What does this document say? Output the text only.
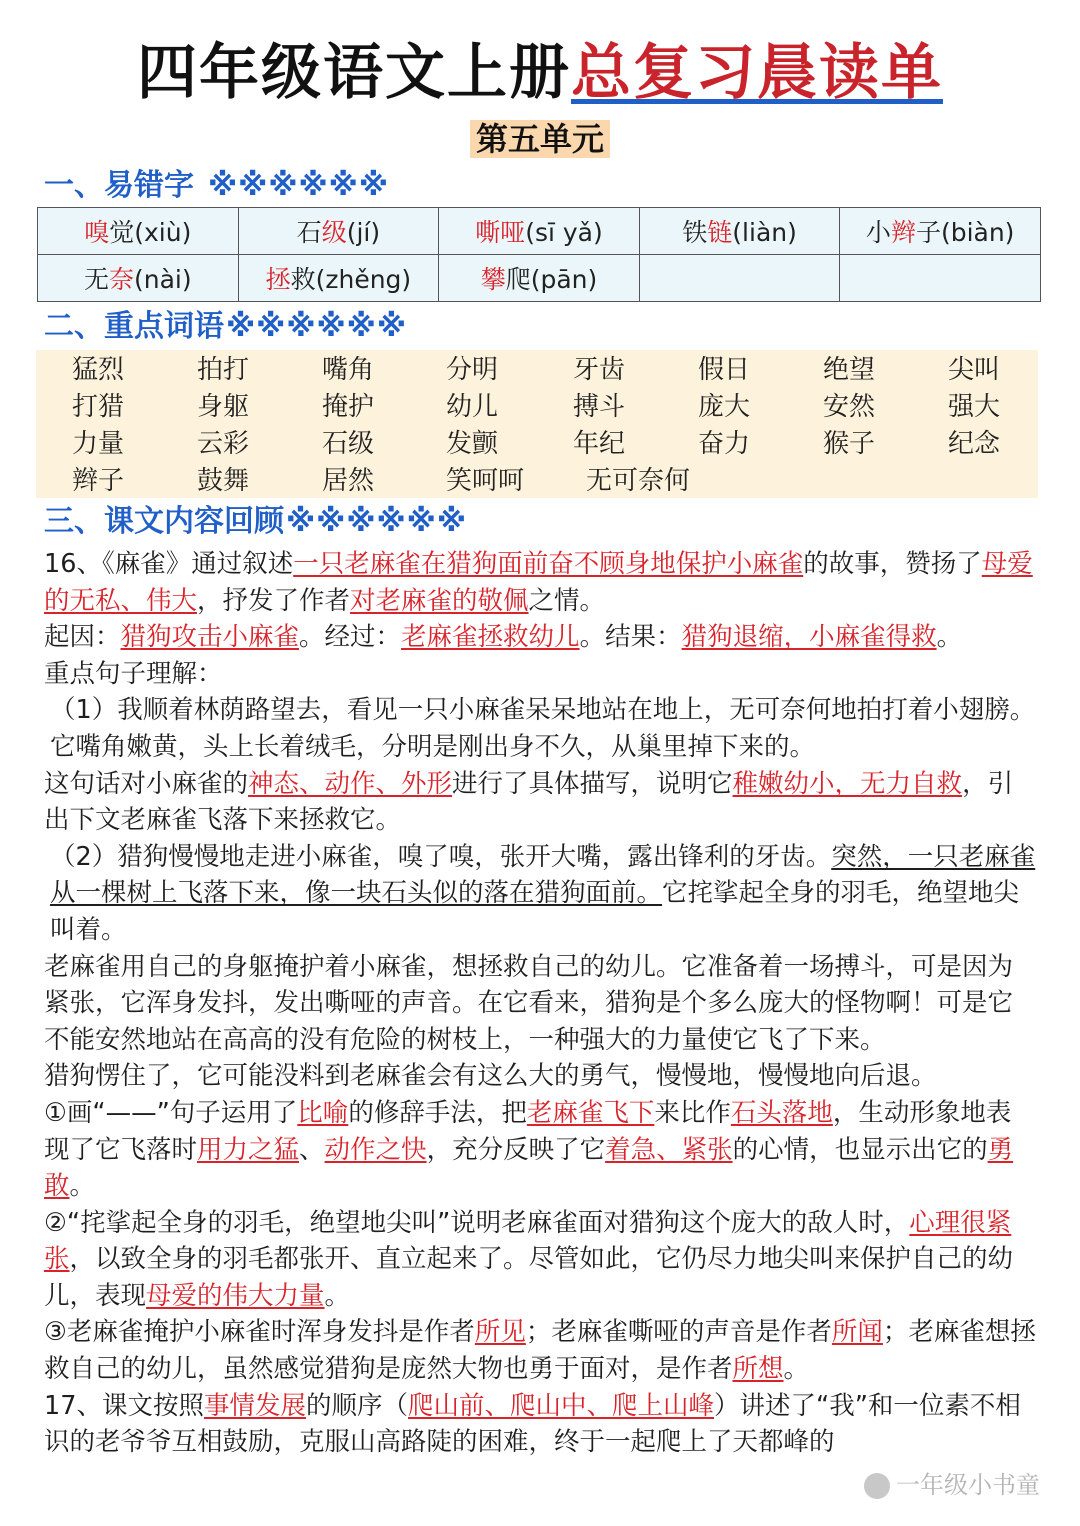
四年级语文上册总复习晨读单
第五单元
一、易错字 ※※※※※※
嗅觉(xiù)	石级(jí)	嘶哑(sī yǎ)	铁链(liàn)	小辫子(biàn)
无奈(nài)	拯救(zhěng)	攀爬(pān)		
二、重点词语※※※※※※
猛烈	拍打	嘴角	分明	牙齿	假日	绝望	尖叫
打猎	身躯	掩护	幼儿	搏斗	庞大	安然	强大
力量	云彩	石级	发颤	年纪	奋力	猴子	纪念
辫子	鼓舞	居然	笑呵呵 无可奈何
三、课文内容回顾※※※※※※

16、《麻雀》通过叙述一只老麻雀在猎狗面前奋不顾身地保护小麻雀的故事，赞扬了母爱的无私、伟大，抒发了作者对老麻雀的敬佩之情。

起因：猎狗攻击小麻雀。经过：老麻雀拯救幼儿。结果：猎狗退缩，小麻雀得救。

重点句子理解：

（1）我顺着林荫路望去，看见一只小麻雀呆呆地站在地上，无可奈何地拍打着小翅膀。它嘴角嫩黄，头上长着绒毛，分明是刚出身不久，从巢里掉下来的。

这句话对小麻雀的神态、动作、外形进行了具体描写，说明它稚嫩幼小，无力自救，引出下文老麻雀飞落下来拯救它。

（2）猎狗慢慢地走进小麻雀，嗅了嗅，张开大嘴，露出锋利的牙齿。突然，一只老麻雀从一棵树上飞落下来，像一块石头似的落在猎狗面前。它挓挲起全身的羽毛，绝望地尖叫着。

老麻雀用自己的身躯掩护着小麻雀，想拯救自己的幼儿。它准备着一场搏斗，可是因为紧张，它浑身发抖，发出嘶哑的声音。在它看来，猎狗是个多么庞大的怪物啊！可是它不能安然地站在高高的没有危险的树枝上，一种强大的力量使它飞了下来。

猎狗愣住了，它可能没料到老麻雀会有这么大的勇气，慢慢地，慢慢地向后退。

①画“——”句子运用了比喻的修辞手法，把老麻雀飞下来比作石头落地，生动形象地表现了它飞落时用力之猛、动作之快，充分反映了它着急、紧张的心情，也显示出它的勇敢。

②“挓挲起全身的羽毛，绝望地尖叫”说明老麻雀面对猎狗这个庞大的敌人时，心理很紧张，以致全身的羽毛都张开、直立起来了。尽管如此，它仍尽力地尖叫来保护自己的幼儿，表现母爱的伟大力量。

③老麻雀掩护小麻雀时浑身发抖是作者所见；老麻雀嘶哑的声音是作者所闻；老麻雀想拯救自己的幼儿，虽然感觉猎狗是庞然大物也勇于面对，是作者所想。

17、课文按照事情发展的顺序（爬山前、爬山中、爬上山峰）讲述了“我”和一位素不相识的老爷爷互相鼓励，克服山高路陡的困难，终于一起爬上了天都峰的

一年级小书童
